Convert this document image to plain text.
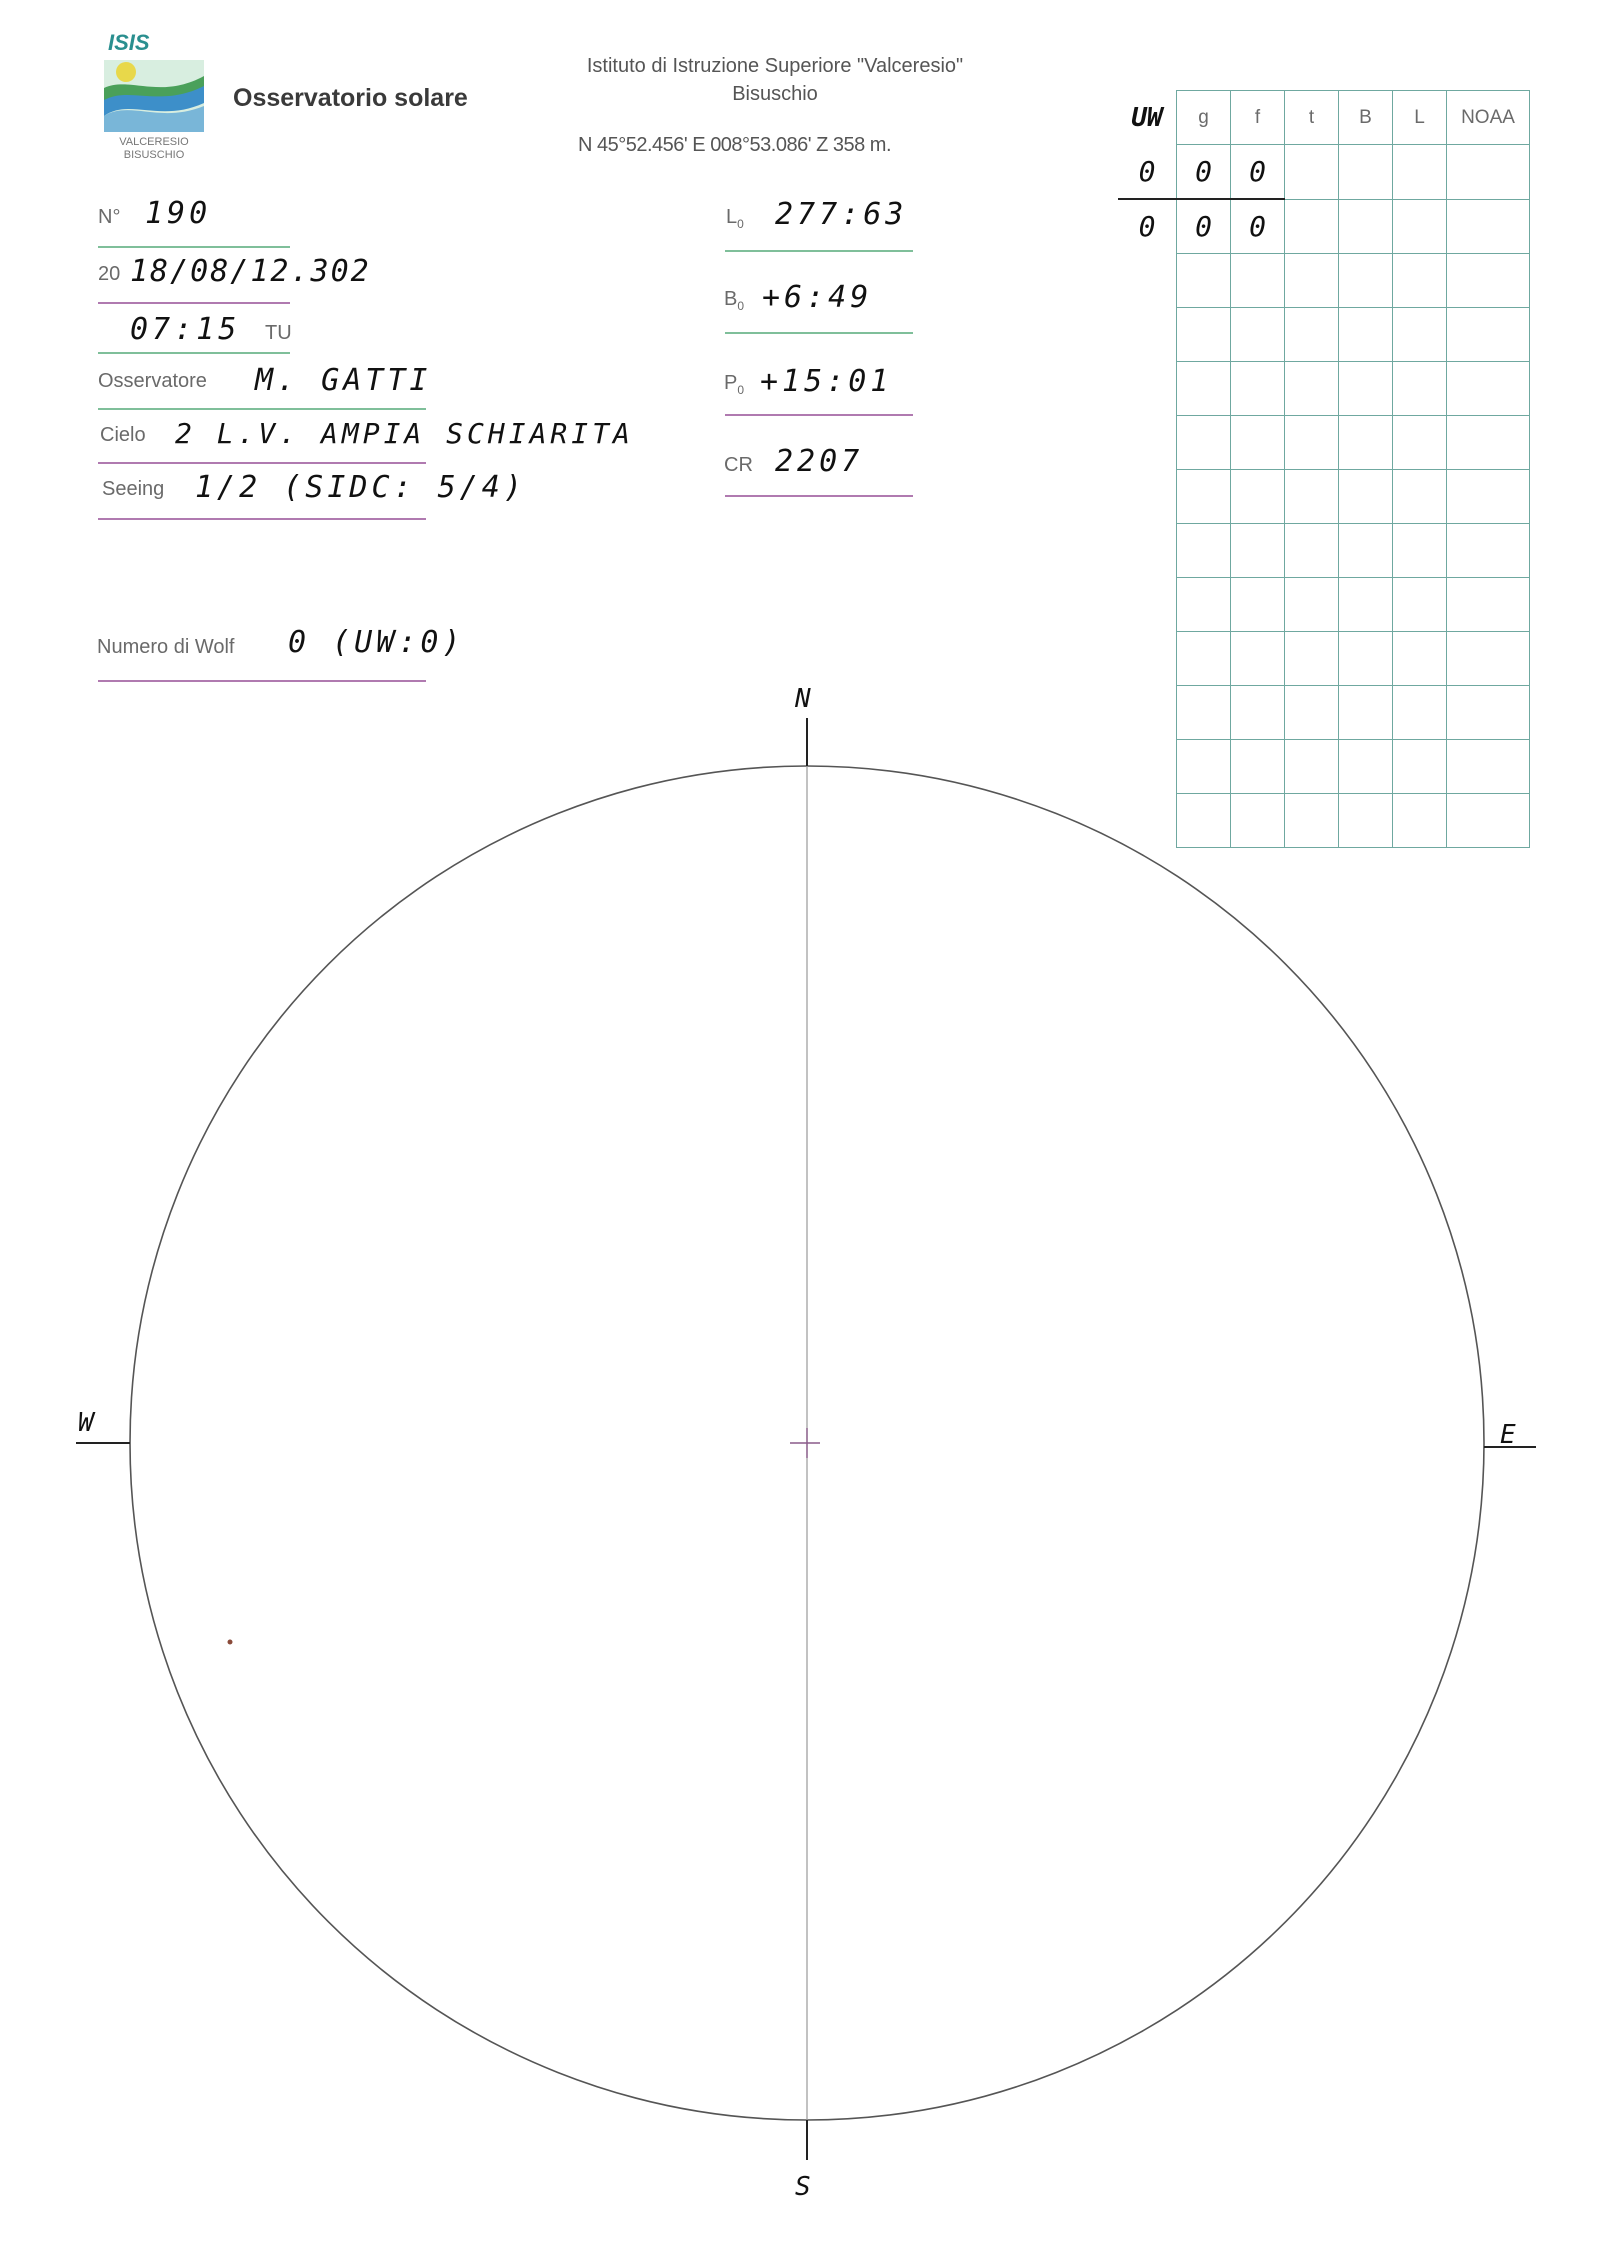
ISIS
VALCERESIO
BISUSCHIO
Osservatorio solare
Istituto di Istruzione Superiore "Valceresio"
Bisuschio
N 45°52.456' E 008°53.086' Z 358 m.
N° 190
20 18/08/12.302
07:15 TU
Osservatore M. GATTI
Cielo 2 L.V. AMPIA SCHIARITA
Seeing 1/2 (SIDC: 5/4)
Numero di Wolf 0 (UW:0)
$L_0$ 277:63
$B_0$ +6:49
$P_0$ +15:01
CR 2207
UW	g	f	t	B	L	NOAA
0	0	0				
0	0	0				

N
S
E
W
